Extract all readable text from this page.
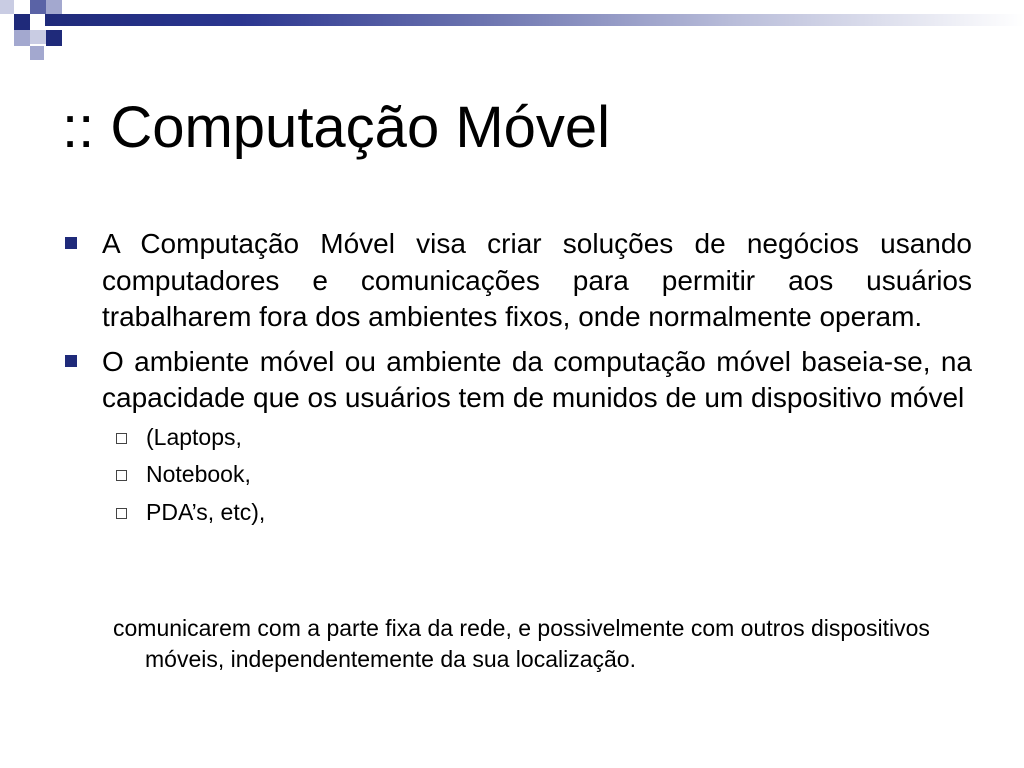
:: Computação Móvel
A Computação Móvel visa criar soluções de negócios usando computadores e comunicações para permitir aos usuários trabalharem fora dos ambientes fixos, onde normalmente operam.
O ambiente móvel ou ambiente da computação móvel baseia-se, na capacidade que os usuários tem de munidos de um dispositivo móvel
(Laptops,
Notebook,
PDA’s, etc),

comunicarem com a parte fixa da rede, e possivelmente com outros dispositivos móveis, independentemente da sua localização.
